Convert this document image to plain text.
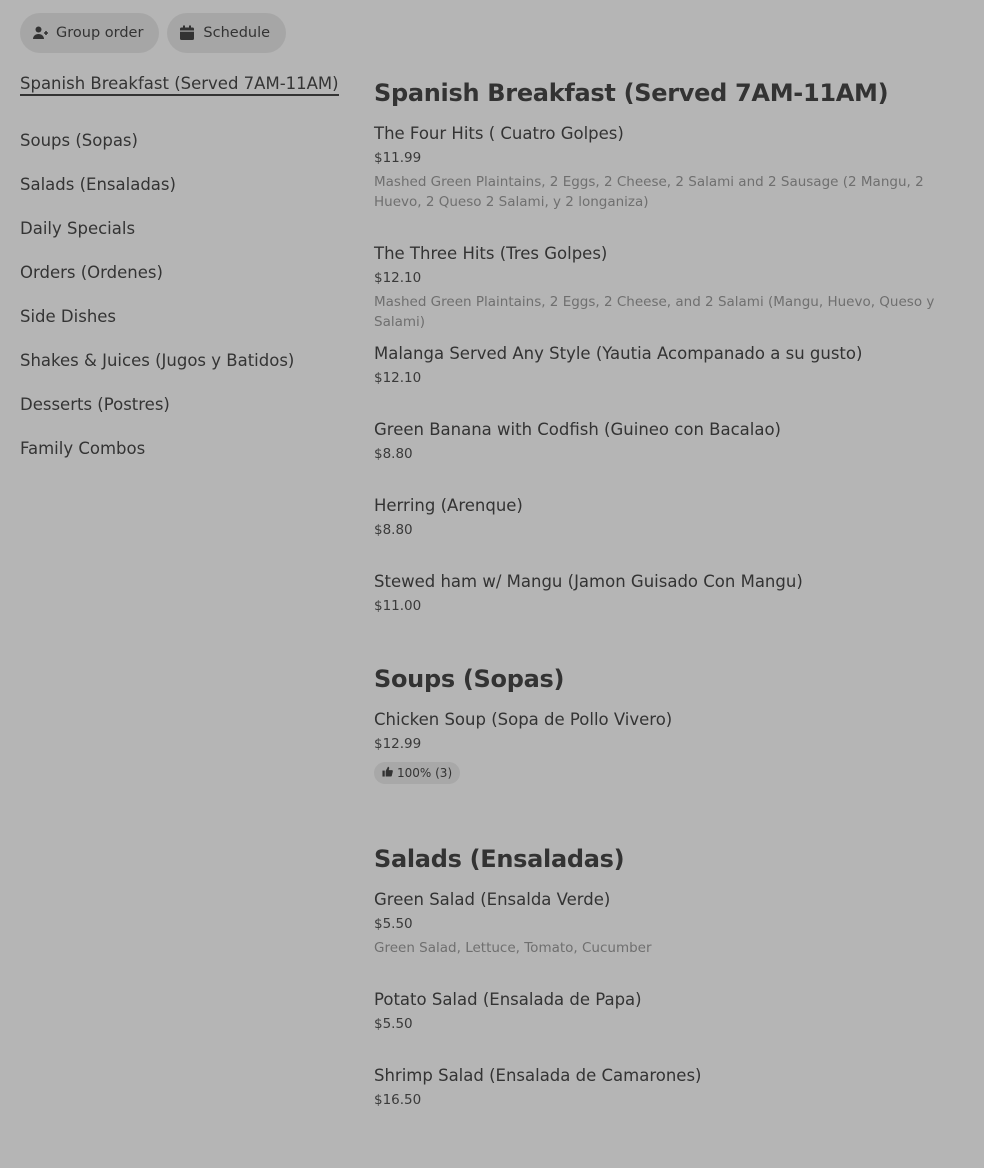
Group order	Schedule
Spanish Breakfast (Served 7AM-11AM)
Soups (Sopas)
Salads (Ensaladas)
Daily Specials
Orders (Ordenes)
Side Dishes
Shakes & Juices (Jugos y Batidos)
Desserts (Postres)
Family Combos
Spanish Breakfast (Served 7AM-11AM)
The Four Hits ( Cuatro Golpes)
$11.99
Mashed Green Plaintains, 2 Eggs, 2 Cheese, 2 Salami and 2 Sausage (2 Mangu, 2 Huevo, 2 Queso 2 Salami, y 2 longaniza)
The Three Hits (Tres Golpes)
$12.10
Mashed Green Plaintains, 2 Eggs, 2 Cheese, and 2 Salami (Mangu, Huevo, Queso y Salami)
Malanga Served Any Style (Yautia Acompanado a su gusto)
$12.10
Green Banana with Codfish (Guineo con Bacalao)
$8.80
Herring (Arenque)
$8.80
Stewed ham w/ Mangu (Jamon Guisado Con Mangu)
$11.00
Soups (Sopas)
Chicken Soup (Sopa de Pollo Vivero)
$12.99
100% (3)
Salads (Ensaladas)
Green Salad (Ensalda Verde)
$5.50
Green Salad, Lettuce, Tomato, Cucumber
Potato Salad (Ensalada de Papa)
$5.50
Shrimp Salad (Ensalada de Camarones)
$16.50
